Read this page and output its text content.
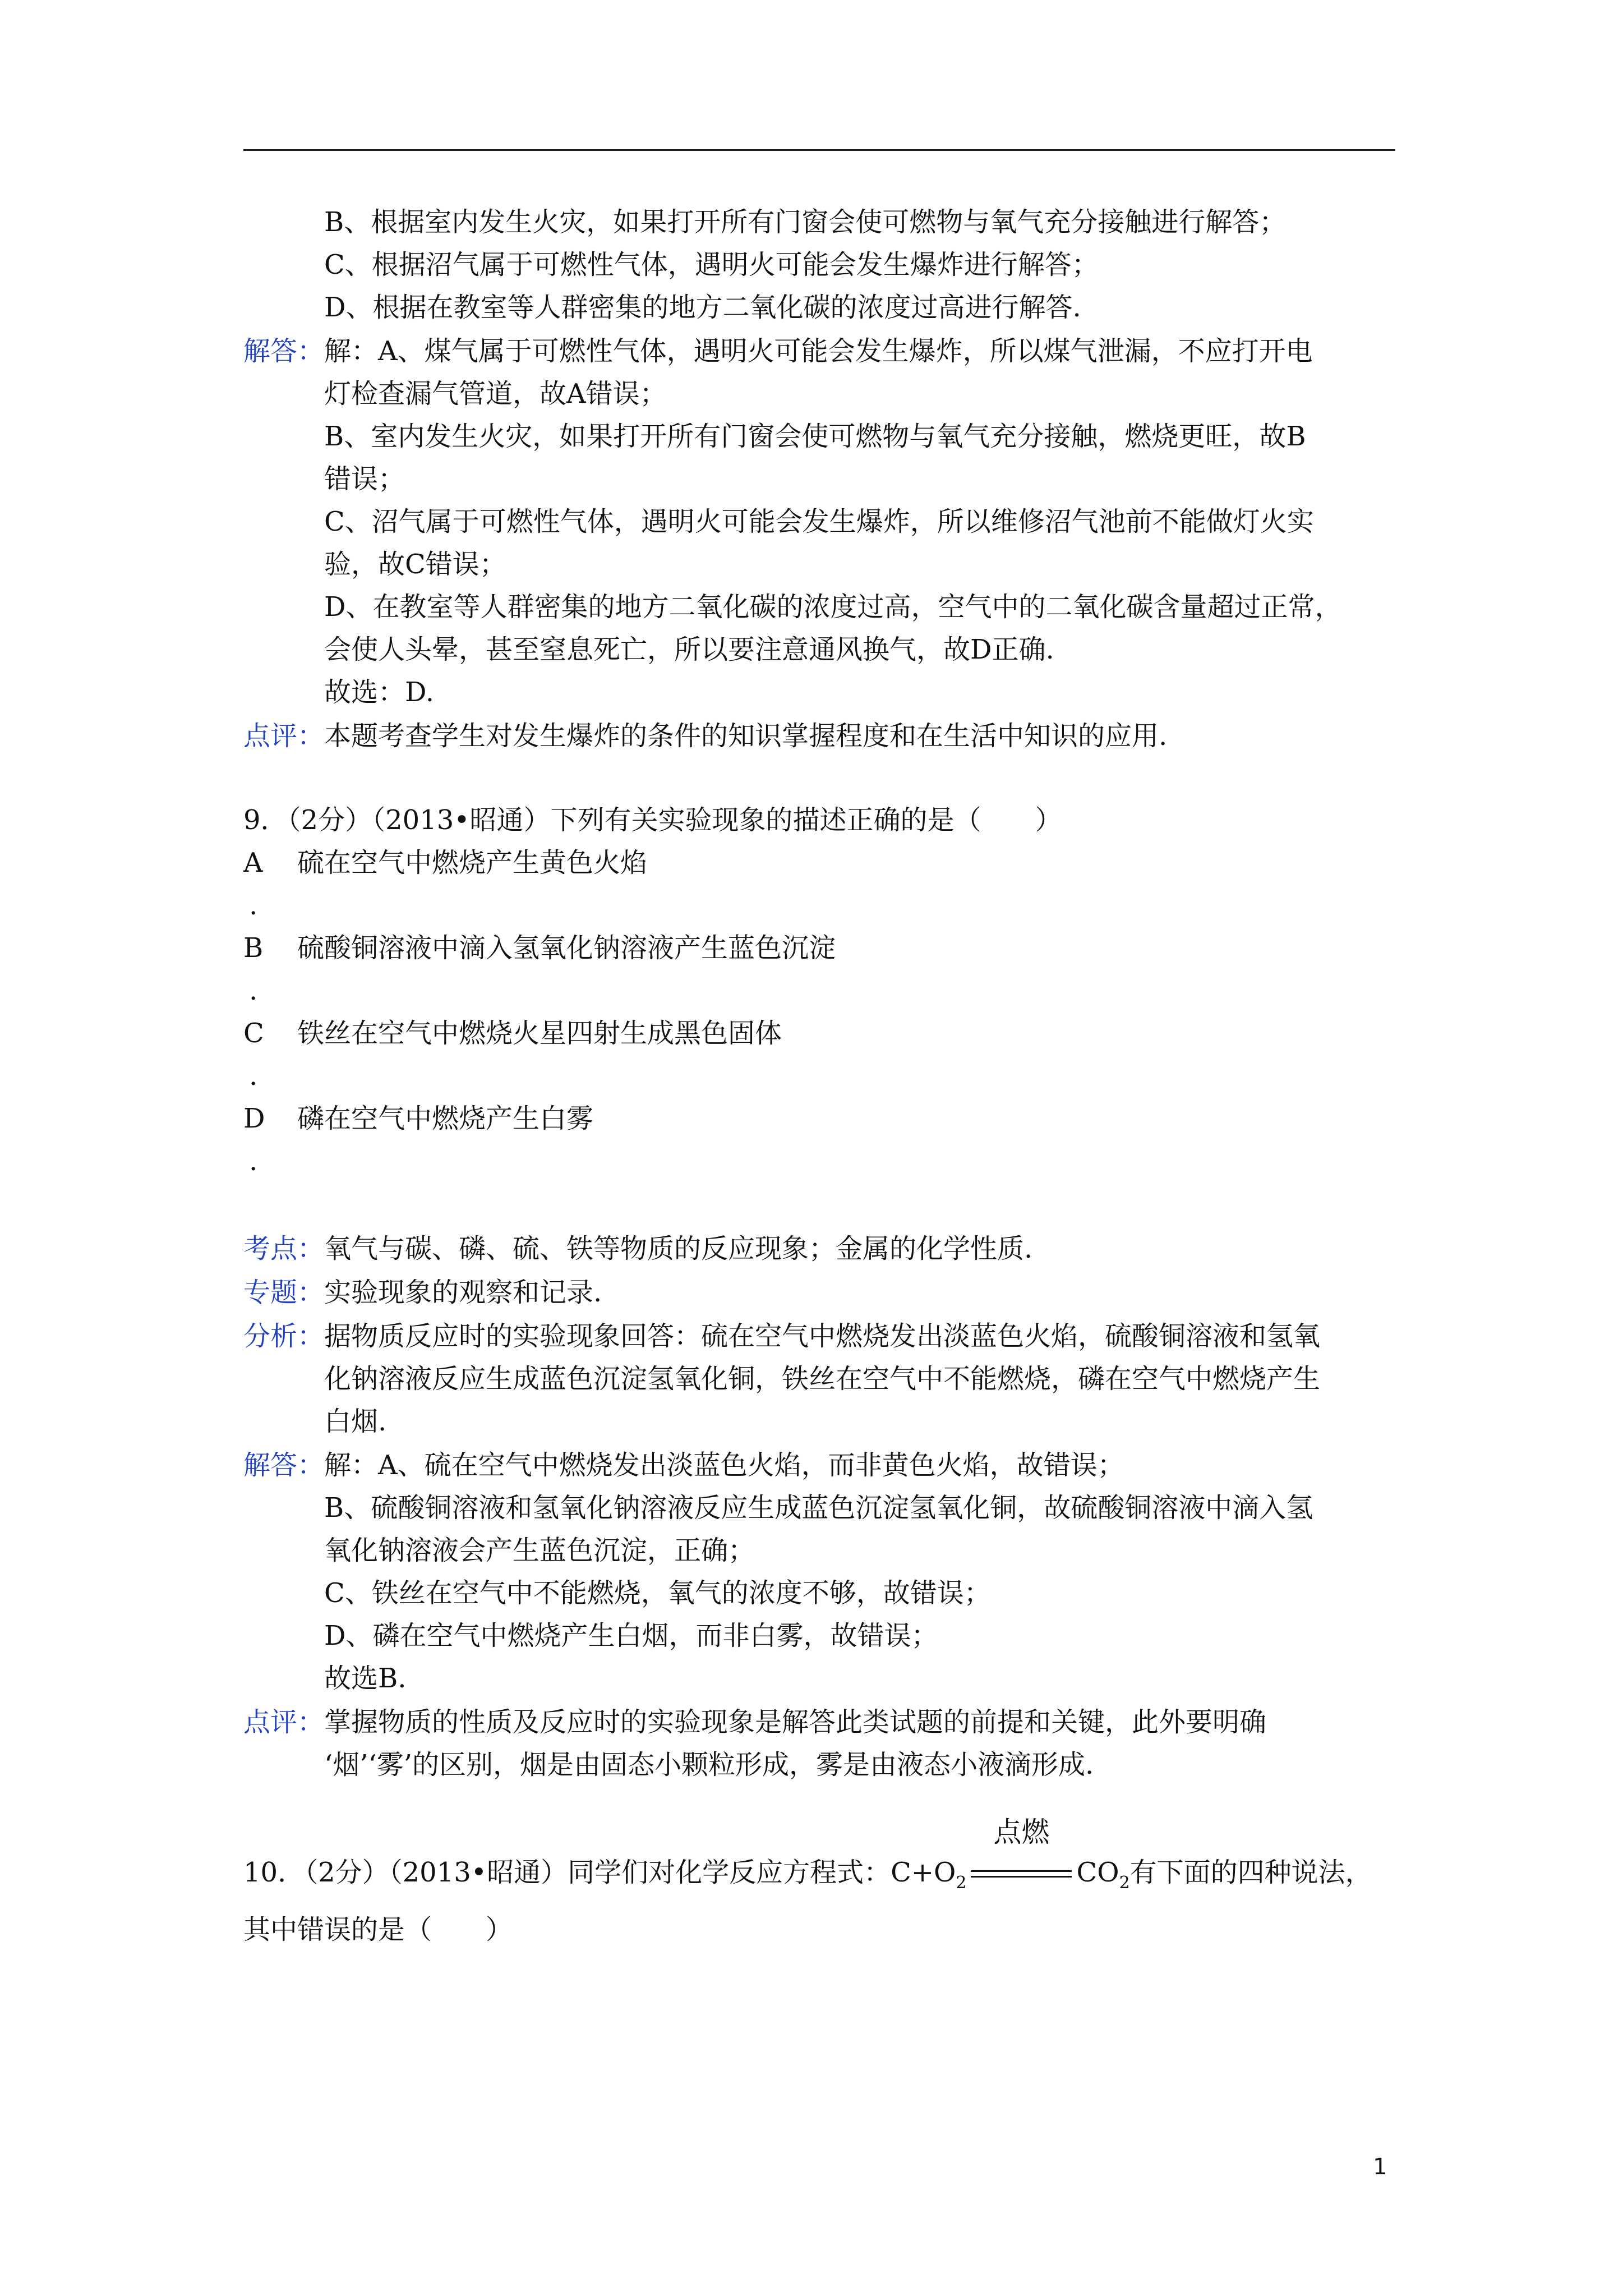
B、根据室内发生火灾，如果打开所有门窗会使可燃物与氧气充分接触进行解答；
C、根据沼气属于可燃性气体，遇明火可能会发生爆炸进行解答；
D、根据在教室等人群密集的地方二氧化碳的浓度过高进行解答.
解答： 解：A、煤气属于可燃性气体，遇明火可能会发生爆炸，所以煤气泄漏，不应打开电
灯检查漏气管道，故A错误；
B、室内发生火灾，如果打开所有门窗会使可燃物与氧气充分接触，燃烧更旺，故B
错误；
C、沼气属于可燃性气体，遇明火可能会发生爆炸，所以维修沼气池前不能做灯火实
验，故C错误；
D、在教室等人群密集的地方二氧化碳的浓度过高，空气中的二氧化碳含量超过正常，
会使人头晕，甚至窒息死亡，所以要注意通风换气，故D正确.
故选：D.
点评： 本题考查学生对发生爆炸的条件的知识掌握程度和在生活中知识的应用.
9．（2分）（2013•昭通）下列有关实验现象的描述正确的是（　　）
A 硫在空气中燃烧产生黄色火焰
.
B 硫酸铜溶液中滴入氢氧化钠溶液产生蓝色沉淀
.
C 铁丝在空气中燃烧火星四射生成黑色固体
.
D 磷在空气中燃烧产生白雾
.
考点： 氧气与碳、磷、硫、铁等物质的反应现象；金属的化学性质.
专题： 实验现象的观察和记录.
分析： 据物质反应时的实验现象回答：硫在空气中燃烧发出淡蓝色火焰，硫酸铜溶液和氢氧
化钠溶液反应生成蓝色沉淀氢氧化铜，铁丝在空气中不能燃烧，磷在空气中燃烧产生
白烟.
解答： 解：A、硫在空气中燃烧发出淡蓝色火焰，而非黄色火焰，故错误；
B、硫酸铜溶液和氢氧化钠溶液反应生成蓝色沉淀氢氧化铜，故硫酸铜溶液中滴入氢
氧化钠溶液会产生蓝色沉淀，正确；
C、铁丝在空气中不能燃烧，氧气的浓度不够，故错误；
D、磷在空气中燃烧产生白烟，而非白雾，故错误；
故选B.
点评： 掌握物质的性质及反应时的实验现象是解答此类试题的前提和关键，此外要明确
‘烟’‘雾’的区别，烟是由固态小颗粒形成，雾是由液态小液滴形成.
10．（2分）（2013•昭通）同学们对化学反应方程式：$C+O_2$
点燃
$CO_2$有下面的四种说法，
其中错误的是（　　）
1
